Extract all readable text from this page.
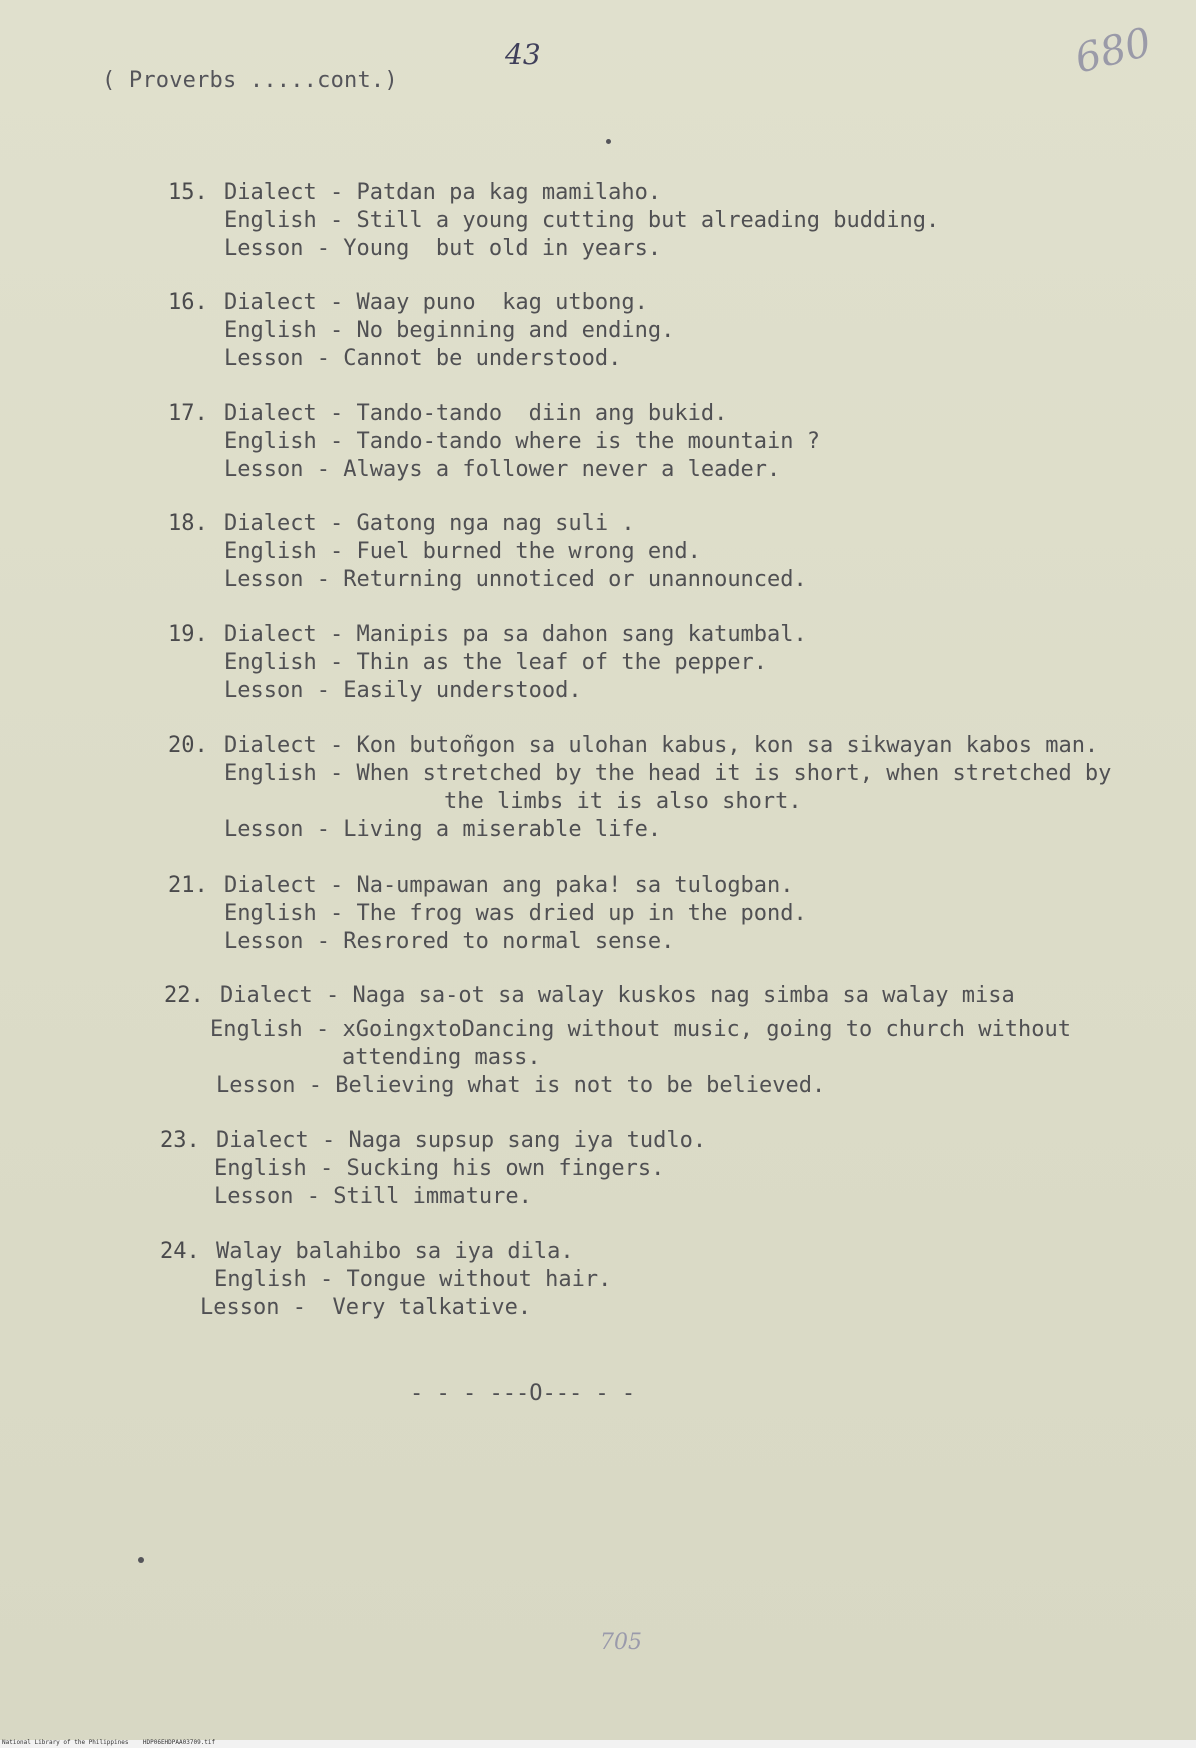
( Proverbs .....cont.)
43	680
15. Dialect - Patdan pa kag mamilaho.
English - Still a young cutting but alreading budding.
Lesson - Young  but old in years.
16. Dialect - Waay puno  kag utbong.
English - No beginning and ending.
Lesson - Cannot be understood.
17. Dialect - Tando-tando  diin ang bukid.
English - Tando-tando where is the mountain ?
Lesson - Always a follower never a leader.
18. Dialect - Gatong nga nag suli .
English - Fuel burned the wrong end.
Lesson - Returning unnoticed or unannounced.
19. Dialect - Manipis pa sa dahon sang katumbal.
English - Thin as the leaf of the pepper.
Lesson - Easily understood.
20. Dialect - Kon butoñgon sa ulohan kabus, kon sa sikwayan kabos man.
English - When stretched by the head it is short, when stretched by
the limbs it is also short.
Lesson - Living a miserable life.
21. Dialect - Na-umpawan ang paka! sa tulogban.
English - The frog was dried up in the pond.
Lesson - Resrored to normal sense.
22. Dialect - Naga sa-ot sa walay kuskos nag simba sa walay misa
English - xGoingxtoDancing without music, going to church without
attending mass.
Lesson - Believing what is not to be believed.
23. Dialect - Naga supsup sang iya tudlo.
English - Sucking his own fingers.
Lesson - Still immature.
24. Walay balahibo sa iya dila.
English - Tongue without hair.
Lesson -  Very talkative.
- - - ---O--- - -
705
National Library of the Philippines    HDP06EHDPAA03709.tif
